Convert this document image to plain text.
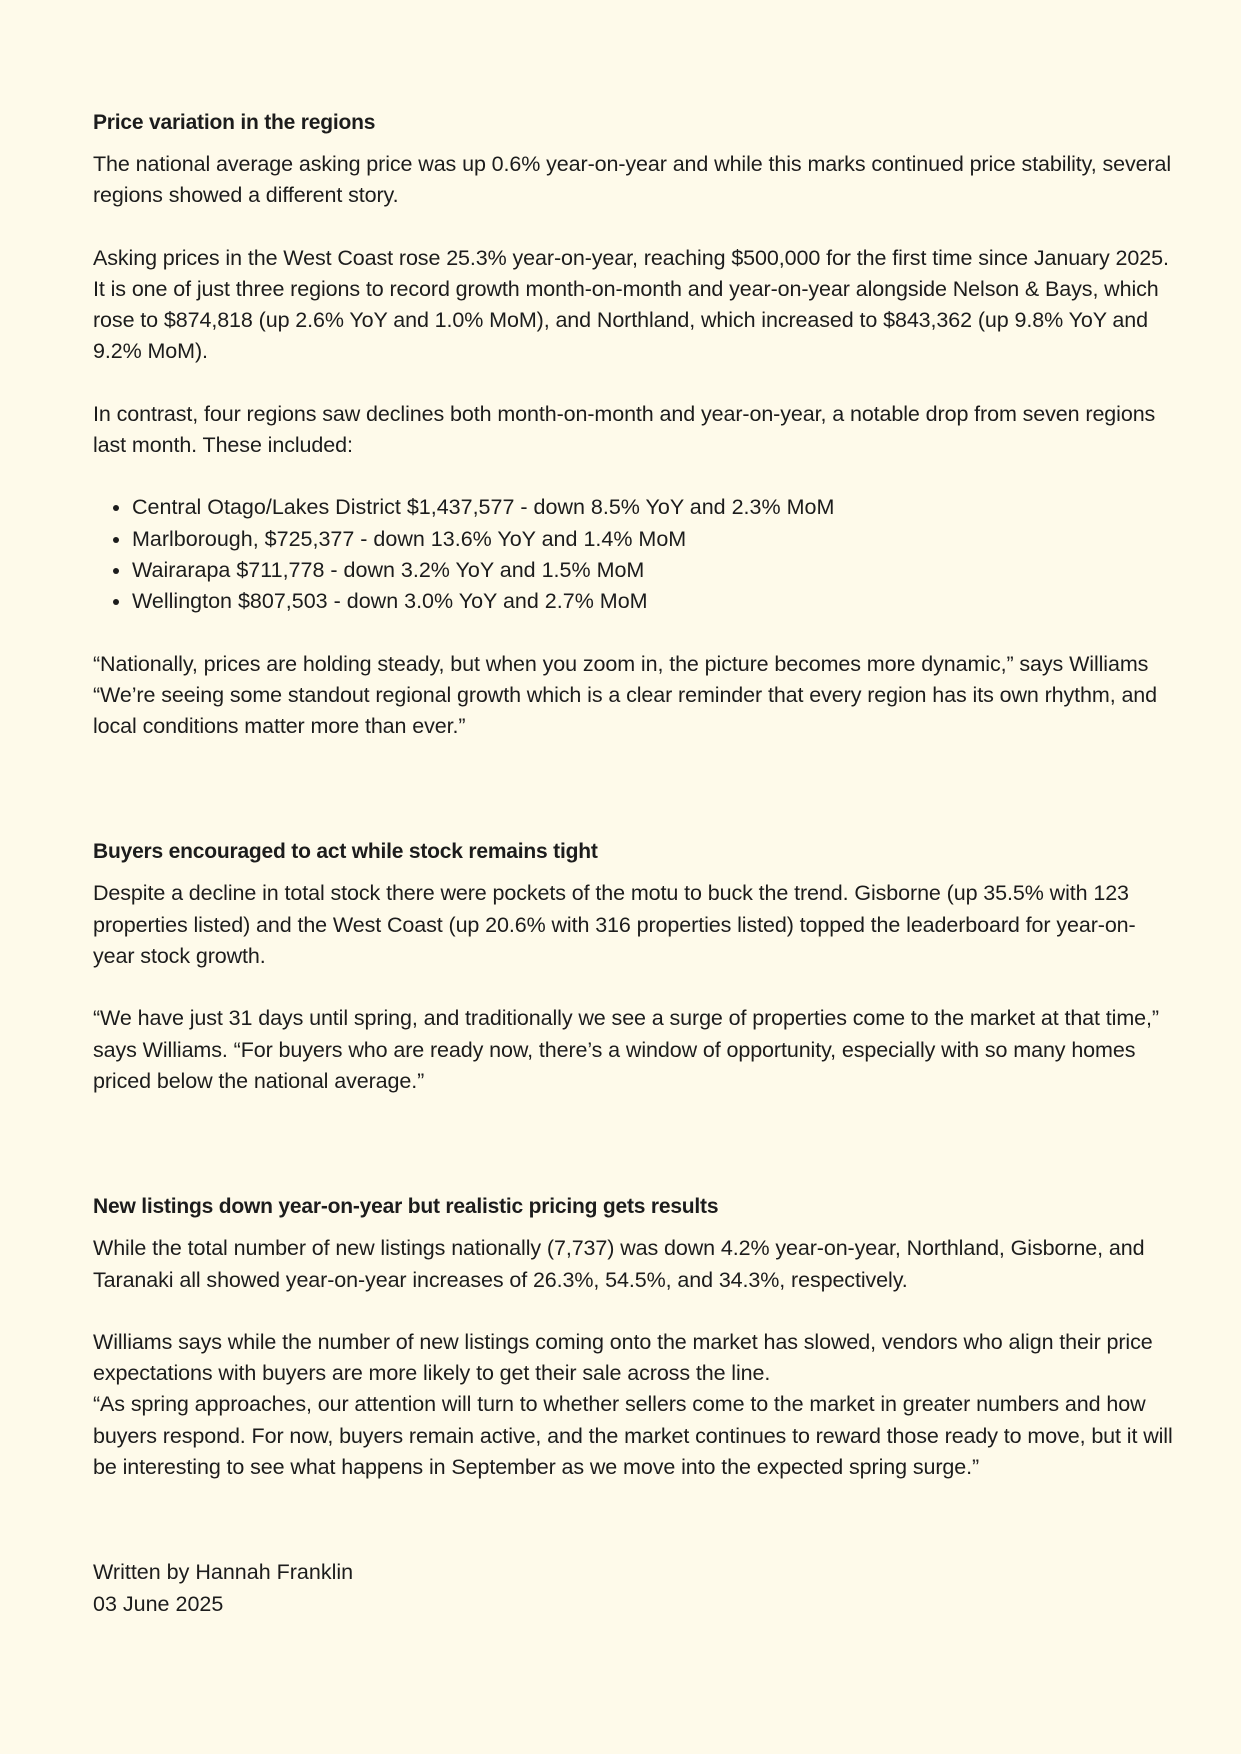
Price variation in the regions

The national average asking price was up 0.6% year-on-year and while this marks continued price stability, several regions showed a different story.

Asking prices in the West Coast rose 25.3% year-on-year, reaching $500,000 for the first time since January 2025. It is one of just three regions to record growth month-on-month and year-on-year alongside Nelson & Bays, which rose to $874,818 (up 2.6% YoY and 1.0% MoM), and Northland, which increased to $843,362 (up 9.8% YoY and 9.2% MoM).

In contrast, four regions saw declines both month-on-month and year-on-year, a notable drop from seven regions last month. These included:

• Central Otago/Lakes District $1,437,577 - down 8.5% YoY and 2.3% MoM
• Marlborough, $725,377 - down 13.6% YoY and 1.4% MoM
• Wairarapa $711,778 - down 3.2% YoY and 1.5% MoM
• Wellington $807,503 - down 3.0% YoY and 2.7% MoM

“Nationally, prices are holding steady, but when you zoom in, the picture becomes more dynamic,” says Williams “We’re seeing some standout regional growth which is a clear reminder that every region has its own rhythm, and local conditions matter more than ever.”

Buyers encouraged to act while stock remains tight

Despite a decline in total stock there were pockets of the motu to buck the trend. Gisborne (up 35.5% with 123 properties listed) and the West Coast (up 20.6% with 316 properties listed) topped the leaderboard for year-on-year stock growth.

“We have just 31 days until spring, and traditionally we see a surge of properties come to the market at that time,” says Williams. “For buyers who are ready now, there’s a window of opportunity, especially with so many homes priced below the national average.”

New listings down year-on-year but realistic pricing gets results

While the total number of new listings nationally (7,737) was down 4.2% year-on-year, Northland, Gisborne, and Taranaki all showed year-on-year increases of 26.3%, 54.5%, and 34.3%, respectively.

Williams says while the number of new listings coming onto the market has slowed, vendors who align their price expectations with buyers are more likely to get their sale across the line.

“As spring approaches, our attention will turn to whether sellers come to the market in greater numbers and how buyers respond. For now, buyers remain active, and the market continues to reward those ready to move, but it will be interesting to see what happens in September as we move into the expected spring surge.”

Written by Hannah Franklin
03 June 2025
